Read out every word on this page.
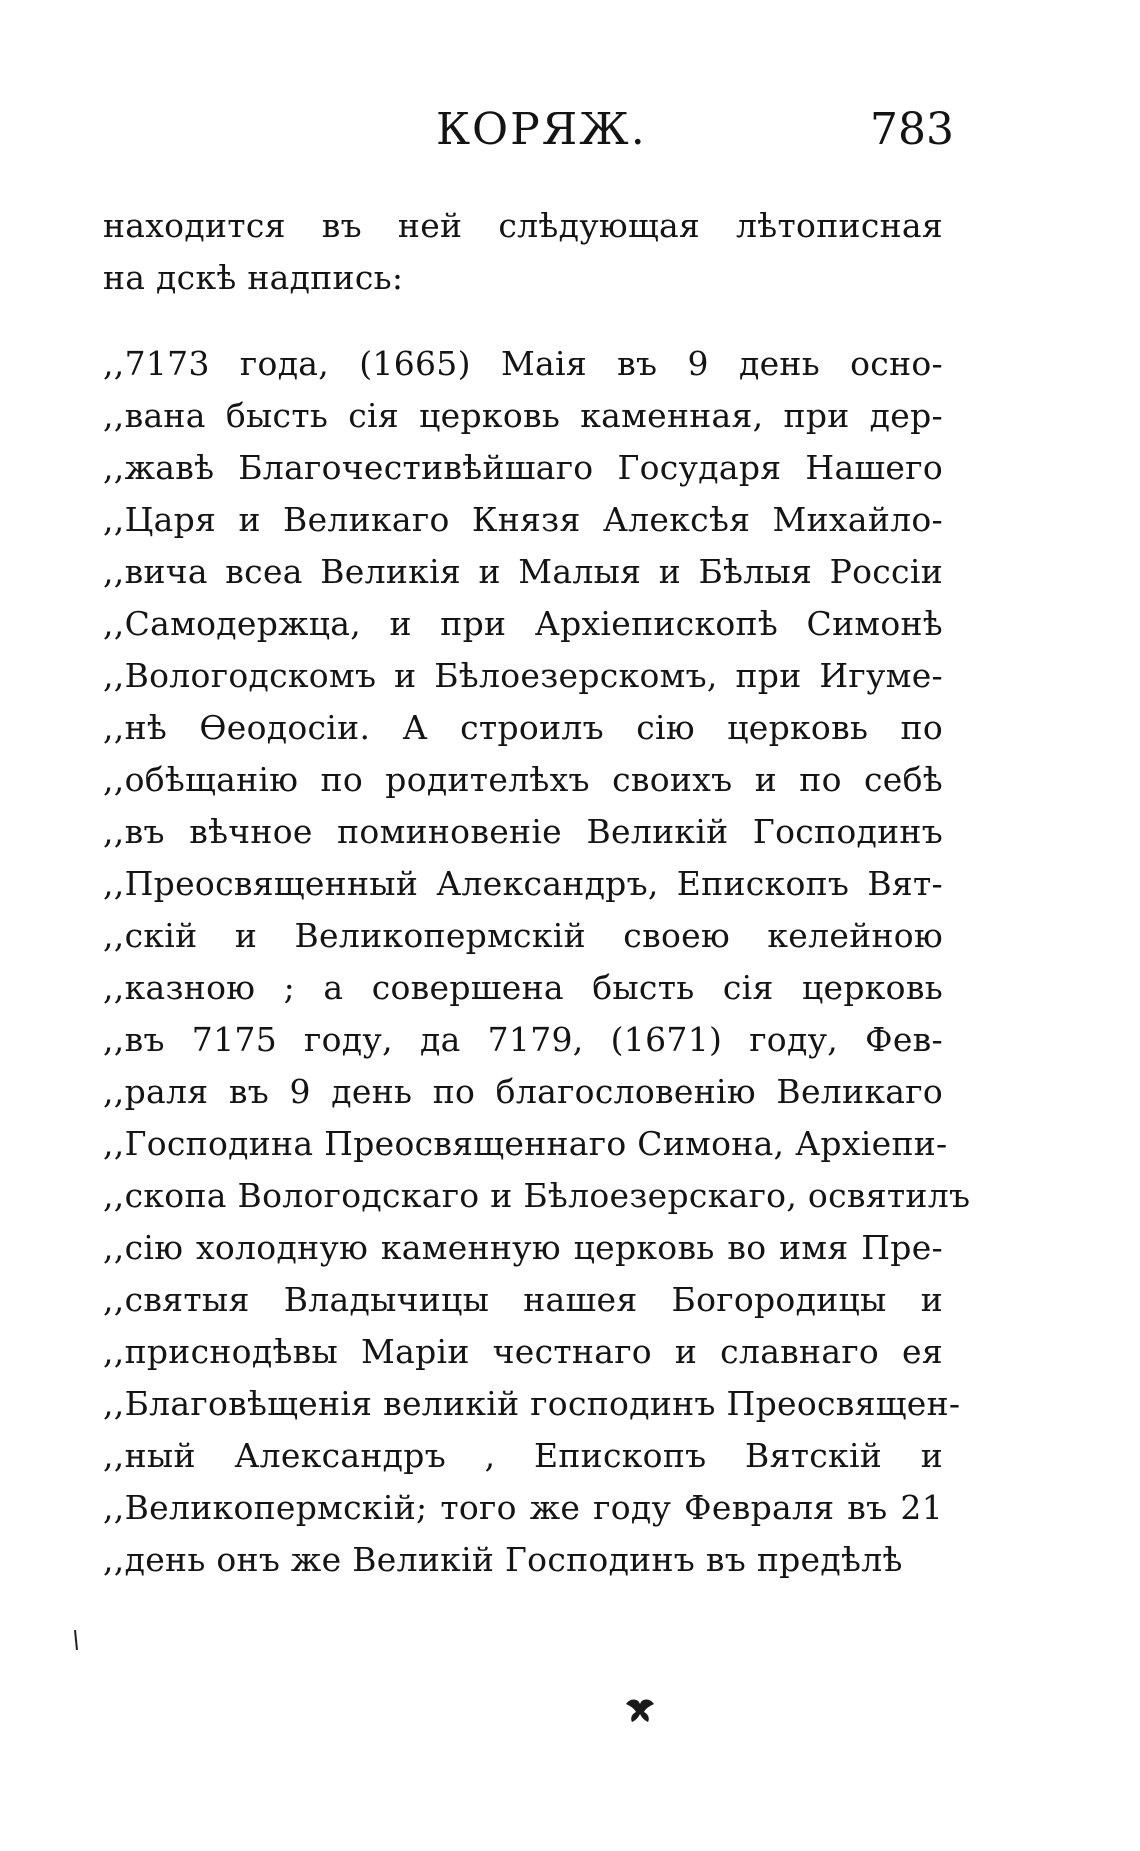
КОРЯЖ.	783
находится въ ней слѣдующая лѣтописная
на дскѣ надпись:
,,7173 года, (1665) Маія въ 9 день осно-
,,вана бысть сія церковь каменная, при дер-
,,жавѣ Благочестивѣйшаго Государя Нашего
,,Царя и Великаго Князя Алексѣя Михайло-
,,вича всеа Великія и Малыя и Бѣлыя Россіи
,,Самодержца, и при Архіепископѣ Симонѣ
,,Вологодскомъ и Бѣлоезерскомъ, при Игуме-
,,нѣ Ѳеодосіи. А строилъ сію церковь по
,,обѣщанію по родителѣхъ своихъ и по себѣ
,,въ вѣчное поминовеніе Великій Господинъ
,,Преосвященный Александръ, Епископъ Вят-
,,скій и Великопермскій своею келейною
,,казною ; а совершена бысть сія церковь
,,въ 7175 году, да 7179, (1671) году, Фев-
,,раля въ 9 день по благословенію Великаго
,,Господина Преосвященнаго Симона, Архіепи-
,,скопа Вологодскаго и Бѣлоезерскаго, освятилъ
,,сію холодную каменную церковь во имя Пре-
,,святыя Владычицы нашея Богородицы и
,,приснодѣвы Маріи честнаго и славнаго ея
,,Благовѣщенія великій господинъ Преосвящен-
,,ный Александръ , Епископъ Вятскій и
,,Великопермскій; того же году Февраля въ 21
,,день онъ же Великій Господинъ въ предѣлѣ
